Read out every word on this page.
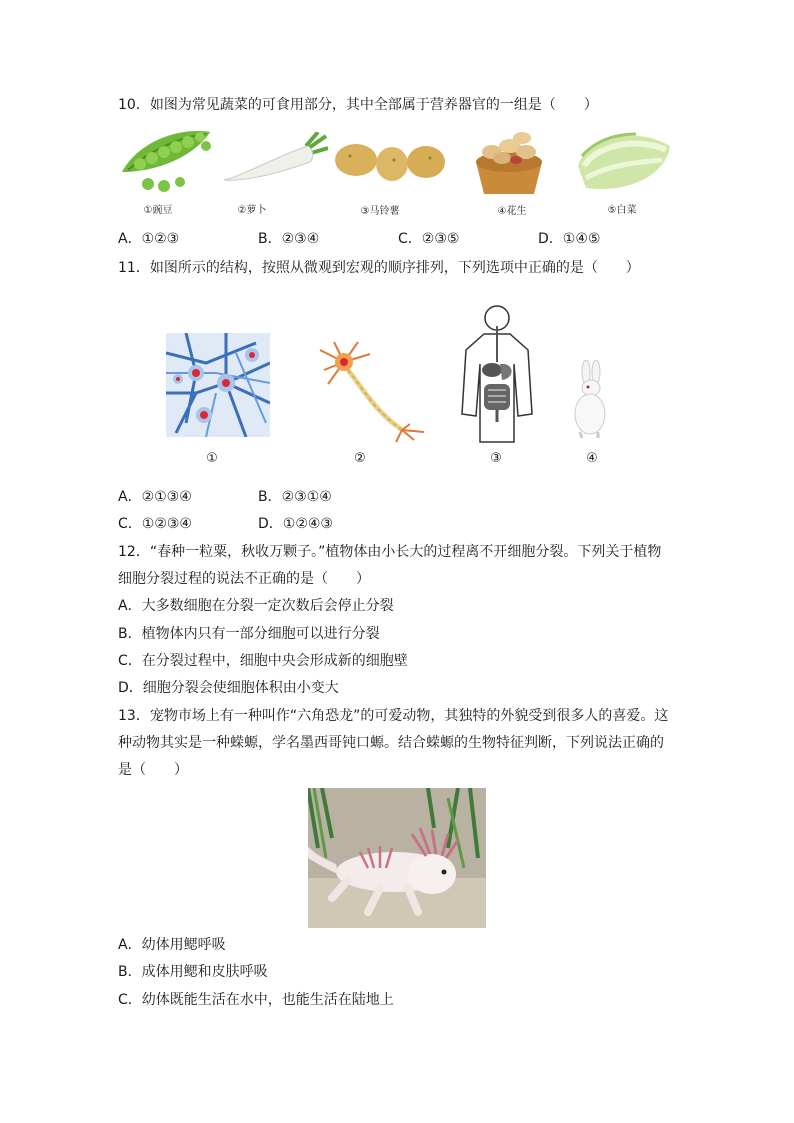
10．如图为常见蔬菜的可食用部分，其中全部属于营养器官的一组是（　　）
①豌豆	②萝卜	③马铃薯	④花生	⑤白菜
A．①②③	B．②③④	C．②③⑤	D．①④⑤
11．如图所示的结构，按照从微观到宏观的顺序排列，下列选项中正确的是（　　）
①	②	③	④
A．②①③④	B．②③①④
C．①②③④	D．①②④③
12．“春种一粒粟，秋收万颗子。”植物体由小长大的过程离不开细胞分裂。下列关于植物
细胞分裂过程的说法不正确的是（　　）
A．大多数细胞在分裂一定次数后会停止分裂
B．植物体内只有一部分细胞可以进行分裂
C．在分裂过程中，细胞中央会形成新的细胞壁
D．细胞分裂会使细胞体积由小变大
13．宠物市场上有一种叫作“六角恐龙”的可爱动物，其独特的外貌受到很多人的喜爱。这
种动物其实是一种蝾螈，学名墨西哥钝口螈。结合蝾螈的生物特征判断，下列说法正确的
是（　　）
A．幼体用鳃呼吸
B．成体用鳃和皮肤呼吸
C．幼体既能生活在水中，也能生活在陆地上
